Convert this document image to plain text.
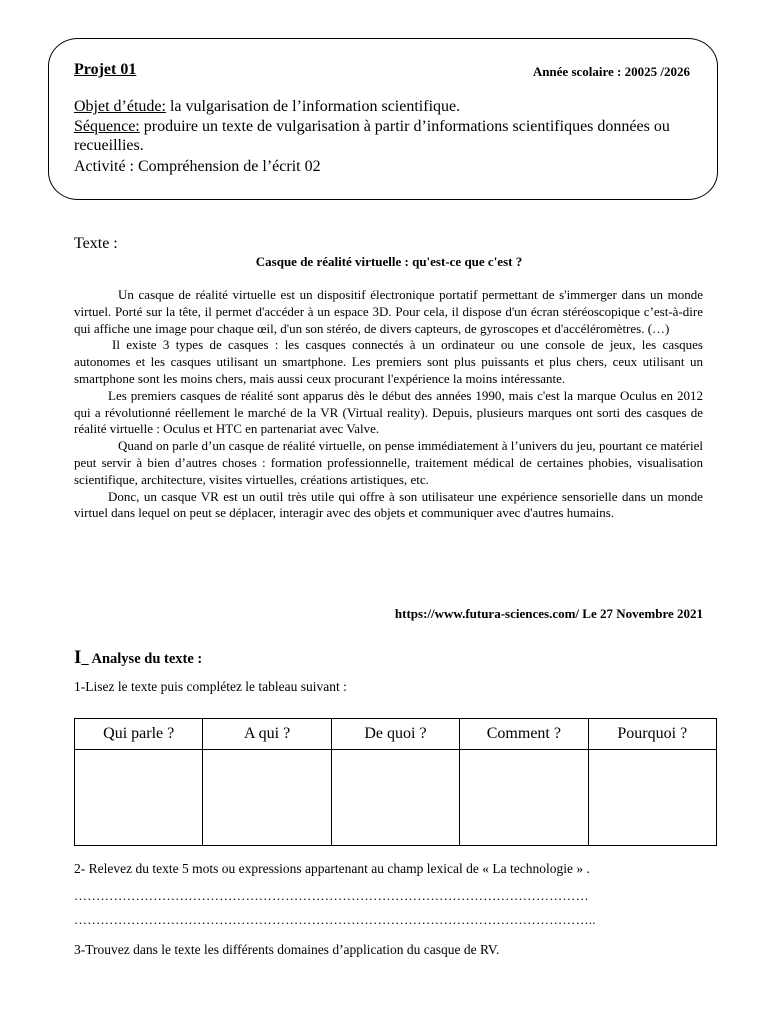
Projet 01	Année scolaire : 20025 /2026
Objet d’étude: la vulgarisation de l’information scientifique.
Séquence: produire un texte de vulgarisation à partir d’informations scientifiques données ou recueillies.
Activité : Compréhension de l’écrit 02
Texte :
Casque de réalité virtuelle : qu'est-ce que c'est ?

Un casque de réalité virtuelle est un dispositif électronique portatif permettant de s'immerger dans un monde virtuel. Porté sur la tête, il permet d'accéder à un espace 3D. Pour cela, il dispose d'un écran stéréoscopique c’est-à-dire qui affiche une image pour chaque œil, d'un son stéréo, de divers capteurs, de gyroscopes et d'accéléromètres. (…)

Il existe 3 types de casques : les casques connectés à un ordinateur ou une console de jeux, les casques autonomes et les casques utilisant un smartphone. Les premiers sont plus puissants et plus chers, ceux utilisant un smartphone sont les moins chers, mais aussi ceux procurant l'expérience la moins intéressante.

Les premiers casques de réalité sont apparus dès le début des années 1990, mais c'est la marque Oculus en 2012 qui a révolutionné réellement le marché de la VR (Virtual reality). Depuis, plusieurs marques ont sorti des casques de réalité virtuelle : Oculus et HTC en partenariat avec Valve.

Quand on parle d’un casque de réalité virtuelle, on pense immédiatement à l’univers du jeu, pourtant ce matériel peut servir à bien d’autres choses : formation professionnelle, traitement médical de certaines phobies, visualisation scientifique, architecture, visites virtuelles, créations artistiques, etc.

Donc, un casque VR est un outil très utile qui offre à son utilisateur une expérience sensorielle dans un monde virtuel dans lequel on peut se déplacer, interagir avec des objets et communiquer avec d'autres humains.

https://www.futura-sciences.com/ Le 27 Novembre 2021
I_ Analyse du texte :
1-Lisez le texte puis complétez le tableau suivant :
Qui parle ?	A qui ?	De quoi ?	Comment ?	Pourquoi ?

2- Relevez du texte 5 mots ou expressions appartenant au champ lexical de « La technologie » .
………………………………………………………………………………………………………
………………………………………………………………………………………………………..
3-Trouvez dans le texte les différents domaines d’application du casque de RV.
